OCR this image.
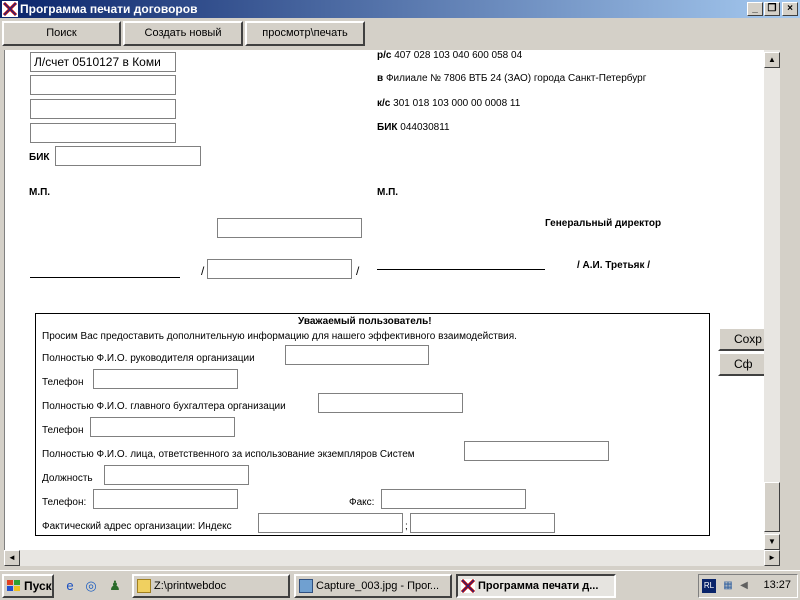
Программа печати договоров	_ ❐	×
Поиск	Создать новый	просмотр\печать
Л/счет 0510127 в Коми
БИК
М.П.
р/с 407 028 103 040 600 058 04
в Филиале № 7806 ВТБ 24 (ЗАО) города Санкт-Петербург
к/с 301 018 103 000 00 0008 11
БИК 044030811
М.П.
Генеральный директор
/	/	/ А.И. Третьяк /
Уважаемый пользователь!
Просим Вас предоставить дополнительную информацию для нашего эффективного взаимодействия.
Полностью Ф.И.О. руководителя организации
Телефон
Полностью Ф.И.О. главного бухгалтера организации
Телефон
Полностью Ф.И.О. лица, ответственного за использование экземпляров Систем
Должность
Телефон:	Факс:
Фактический адрес организации: Индекс	;
Сохр
Сф
▲
▼
◄	►
Пуск	e ◎ ♟	Z:\printwebdoc	Capture_003.jpg - Прог...	Программа печати д...	RL ▦ ◀ 13:27
